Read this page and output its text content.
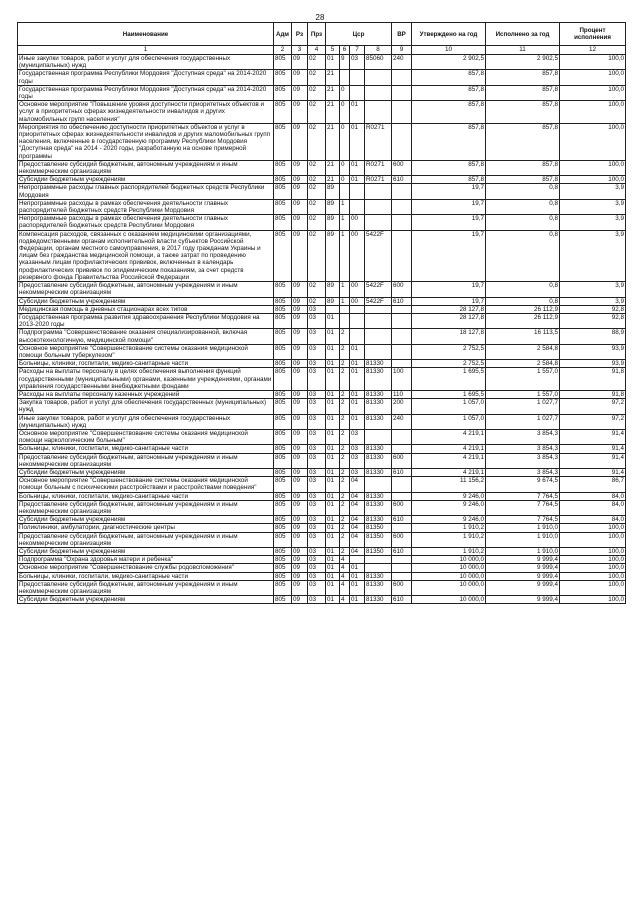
28
Наименование	Адм	Рз	Прз	Цср				ВР	Утверждено на год	Исполнено за год	Процент исполнения
1	2	3	4	5	6	7	8	9	10	11	12
Иные закупки товаров, работ и услуг для обеспечения государственных (муниципальных) нужд	805	09	02	01	9	03	85060	240	2 902,5	2 902,5	100,0
Государственная программа Республики Мордовия "Доступная среда" на 2014-2020 годы	805	09	02	21					857,8	857,8	100,0
Государственная программа Республики Мордовия "Доступная среда" на 2014-2020 годы	805	09	02	21	0				857,8	857,8	100,0
Основное мероприятие "Повышение уровня доступности приоритетных объектов и услуг в приоритетных сферах жизнедеятельности инвалидов и других маломобильных групп населения"	805	09	02	21	0	01			857,8	857,8	100,0
Мероприятия по обеспечению доступности приоритетных объектов и услуг в приоритетных сферах жизнедеятельности инвалидов и других маломобильных групп населения, включенные в государственную программу Республики Мордовия "Доступная среда" на 2014 - 2020 годы, разработанную на основе примерной программы	805	09	02	21	0	01	R0271		857,8	857,8	100,0
Предоставление субсидий бюджетным, автономным учреждениям и иным некоммерческим организациям	805	09	02	21	0	01	R0271	600	857,8	857,8	100,0
Субсидии бюджетным учреждениям	805	09	02	21	0	01	R0271	610	857,8	857,8	100,0
Непрограммные расходы главных распорядителей бюджетных средств Республики Мордовия	805	09	02	89					19,7	0,8	3,9
Непрограммные расходы в рамках обеспечения деятельности главных распорядителей бюджетных средств Республики Мордовия	805	09	02	89	1				19,7	0,8	3,9
Непрограммные расходы в рамках обеспечения деятельности главных распорядителей бюджетных средств Республики Мордовия	805	09	02	89	1	00			19,7	0,8	3,9
Компенсация расходов, связанных с оказанием медицинскими организациями, подведомственными органам исполнительной власти субъектов Российской Федерации, органам местного самоуправления, в 2017 году гражданам Украины и лицам без гражданства медицинской помощи, а также затрат по проведению указанным лицам профилактических прививок, включенных в календарь профилактических прививок по эпидемическим показаниям, за счет средств резервного фонда Правительства Российской Федерации	805	09	02	89	1	00	5422F		19,7	0,8	3,9
Предоставление субсидий бюджетным, автономным учреждениям и иным некоммерческим организациям	805	09	02	89	1	00	5422F	600	19,7	0,8	3,9
Субсидии бюджетным учреждениям	805	09	02	89	1	00	5422F	610	19,7	0,8	3,9
Медицинская помощь в дневных стационарах всех типов	805	09	03						28 127,8	26 112,9	92,8
Государственная программа развития здравоохранения Республики Мордовия на 2013-2020 годы	805	09	03	01					28 127,8	26 112,9	92,8
Подпрограмма "Совершенствование оказания специализированной, включая высокотехнологичную, медицинской помощи"	805	09	03	01	2				18 127,8	16 113,5	88,9
Основное мероприятие "Совершенствование системы оказания медицинской помощи больным туберкулезом"	805	09	03	01	2	01			2 752,5	2 584,8	93,9
Больницы, клиники, госпитали, медико-санитарные части	805	09	03	01	2	01	81330		2 752,5	2 584,8	93,9
Расходы на выплаты персоналу в целях обеспечения выполнения функций государственными (муниципальными) органами, казенными учреждениями, органами управления государственными внебюджетными фондами	805	09	03	01	2	01	81330	100	1 695,5	1 557,0	91,8
Расходы на выплаты персоналу казенных учреждений	805	09	03	01	2	01	81330	110	1 695,5	1 557,0	91,8
Закупка товаров, работ и услуг для обеспечения государственных (муниципальных) нужд	805	09	03	01	2	01	81330	200	1 057,0	1 027,7	97,2
Иные закупки товаров, работ и услуг для обеспечения государственных (муниципальных) нужд	805	09	03	01	2	01	81330	240	1 057,0	1 027,7	97,2
Основное мероприятие "Совершенствование системы оказания медицинской помощи наркологическим больным"	805	09	03	01	2	03			4 219,1	3 854,3	91,4
Больницы, клиники, госпитали, медико-санитарные части	805	09	03	01	2	03	81330		4 219,1	3 854,3	91,4
Предоставление субсидий бюджетным, автономным учреждениям и иным некоммерческим организациям	805	09	03	01	2	03	81330	600	4 219,1	3 854,3	91,4
Субсидии бюджетным учреждениям	805	09	03	01	2	03	81330	610	4 219,1	3 854,3	91,4
Основное мероприятие "Совершенствование системы оказания медицинской помощи больным с психическими расстройствами и расстройствами поведения"	805	09	03	01	2	04			11 156,2	9 674,5	86,7
Больницы, клиники, госпитали, медико-санитарные части	805	09	03	01	2	04	81330		9 246,0	7 764,5	84,0
Предоставление субсидий бюджетным, автономным учреждениям и иным некоммерческим организациям	805	09	03	01	2	04	81330	600	9 246,0	7 764,5	84,0
Субсидии бюджетным учреждениям	805	09	03	01	2	04	81330	610	9 246,0	7 764,5	84,0
Поликлиники, амбулатории, диагностические центры	805	09	03	01	2	04	81350		1 910,2	1 910,0	100,0
Предоставление субсидий бюджетным, автономным учреждениям и иным некоммерческим организациям	805	09	03	01	2	04	81350	600	1 910,2	1 910,0	100,0
Субсидии бюджетным учреждениям	805	09	03	01	2	04	81350	610	1 910,2	1 910,0	100,0
Подпрограмма "Охрана здоровья матери и ребенка"	805	09	03	01	4				10 000,0	9 999,4	100,0
Основное мероприятие "Совершенствование службы родовспоможения"	805	09	03	01	4	01			10 000,0	9 999,4	100,0
Больницы, клиники, госпитали, медико-санитарные части	805	09	03	01	4	01	81330		10 000,0	9 999,4	100,0
Предоставление субсидий бюджетным, автономным учреждениям и иным некоммерческим организациям	805	09	03	01	4	01	81330	600	10 000,0	9 999,4	100,0
Субсидии бюджетным учреждениям	805	09	03	01	4	01	81330	610	10 000,0	9 999,4	100,0
